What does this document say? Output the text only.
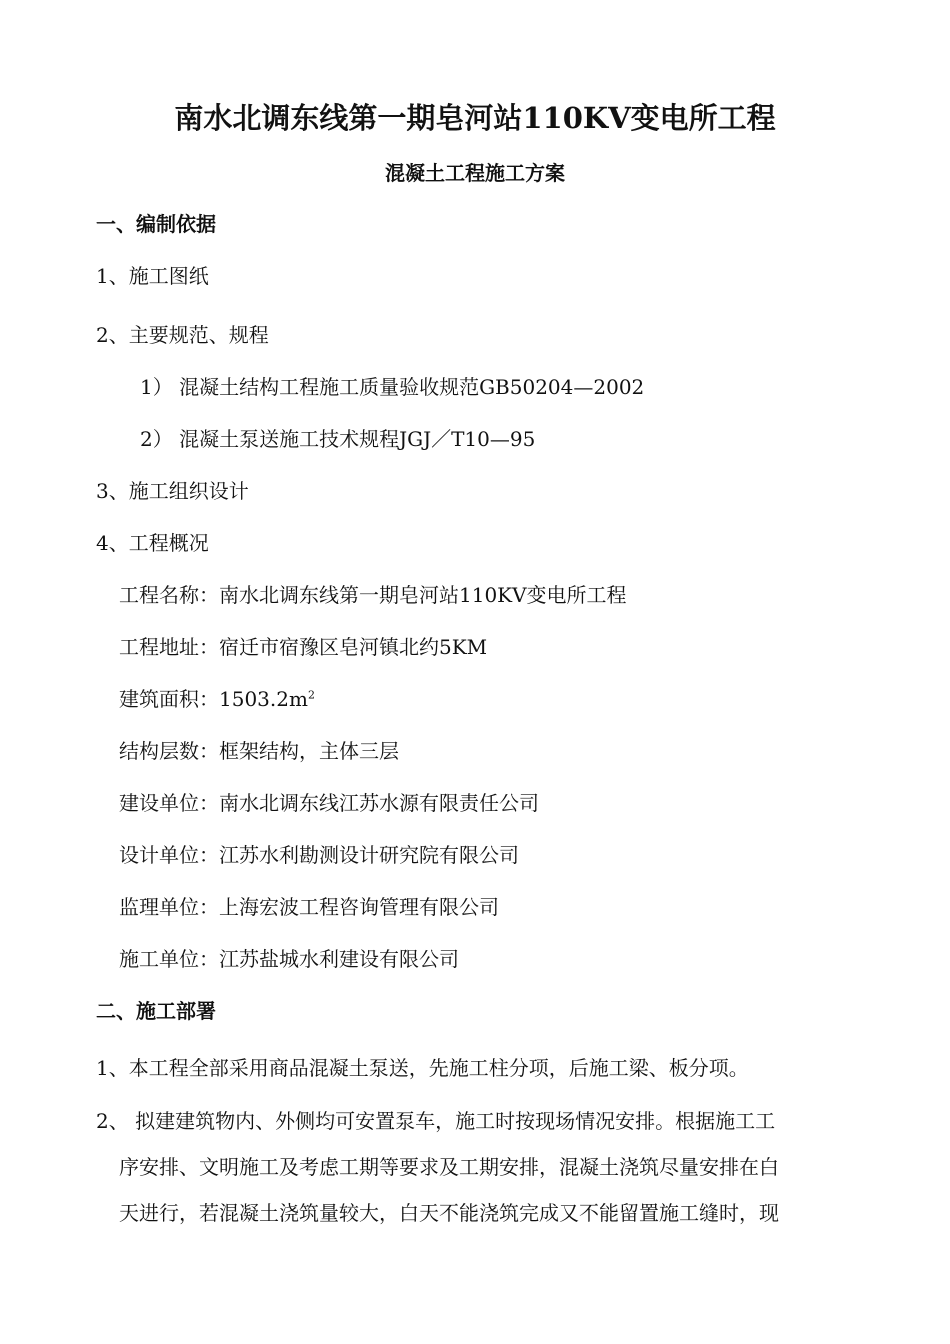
南水北调东线第一期皂河站110KV变电所工程
混凝土工程施工方案
一、编制依据
1、施工图纸
2、主要规范、规程
1） 混凝土结构工程施工质量验收规范GB50204—2002
2） 混凝土泵送施工技术规程JGJ／T10—95
3、施工组织设计
4、工程概况
工程名称：南水北调东线第一期皂河站110KV变电所工程
工程地址：宿迁市宿豫区皂河镇北约5KM
建筑面积：$1503.2m^2$
结构层数：框架结构，主体三层
建设单位：南水北调东线江苏水源有限责任公司
设计单位：江苏水利勘测设计研究院有限公司
监理单位：上海宏波工程咨询管理有限公司
施工单位：江苏盐城水利建设有限公司
二、施工部署
1、本工程全部采用商品混凝土泵送，先施工柱分项，后施工梁、板分项。
2、 拟建建筑物内、外侧均可安置泵车，施工时按现场情况安排。根据施工工
序安排、文明施工及考虑工期等要求及工期安排，混凝土浇筑尽量安排在白
天进行，若混凝土浇筑量较大，白天不能浇筑完成又不能留置施工缝时，现
